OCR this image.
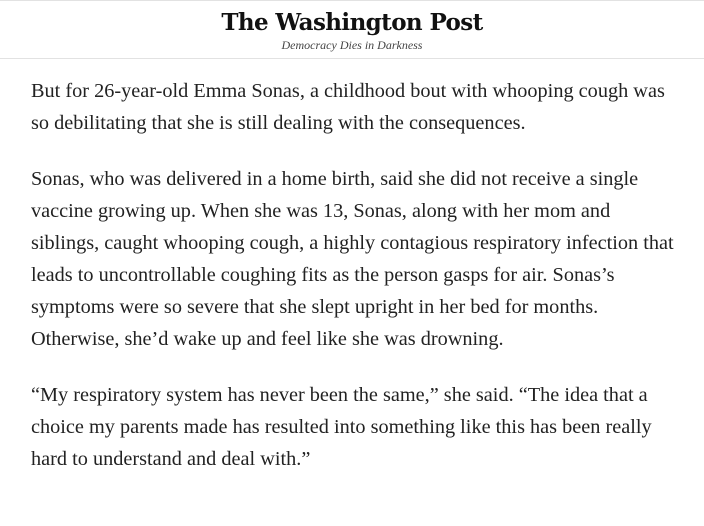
The Washington Post
Democracy Dies in Darkness

But for 26-year-old Emma Sonas, a childhood bout with whooping cough was so debilitating that she is still dealing with the consequences.

Sonas, who was delivered in a home birth, said she did not receive a single vaccine growing up. When she was 13, Sonas, along with her mom and siblings, caught whooping cough, a highly contagious respiratory infection that leads to uncontrollable coughing fits as the person gasps for air. Sonas’s symptoms were so severe that she slept upright in her bed for months. Otherwise, she’d wake up and feel like she was drowning.

“My respiratory system has never been the same,” she said. “The idea that a choice my parents made has resulted into something like this has been really hard to understand and deal with.”
